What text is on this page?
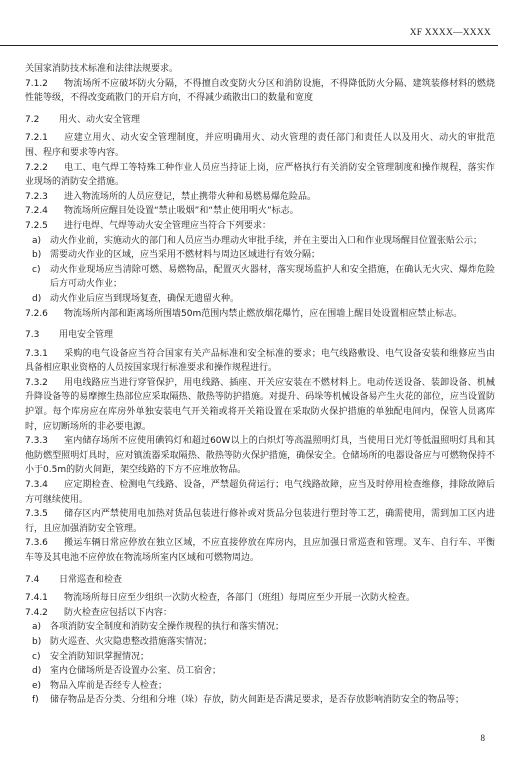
XF XXXX—XXXX

关国家消防技术标准和法律法规要求。

7.1.2 物流场所不应破坏防火分隔，不得擅自改变防火分区和消防设施，不得降低防火分隔、建筑装修材料的燃烧性能等级，不得改变疏散门的开启方向，不得减少疏散出口的数量和宽度

7.2 用火、动火安全管理

7.2.1 应建立用火、动火安全管理制度，并应明确用火、动火管理的责任部门和责任人以及用火、动火的审批范围、程序和要求等内容。

7.2.2 电工、电气焊工等特殊工种作业人员应当持证上岗，应严格执行有关消防安全管理制度和操作规程，落实作业现场的消防安全措施。

7.2.3 进入物流场所的人员应登记，禁止携带火种和易燃易爆危险品。

7.2.4 物流场所应醒目处设置“禁止吸烟”和“禁止使用明火”标志。

7.2.5 进行电焊、气焊等动火安全管理应当符合下列要求：

a) 动火作业前，实施动火的部门和人员应当办理动火审批手续，并在主要出入口和作业现场醒目位置张贴公示；

b) 需要动火作业的区域，应当采用不燃材料与周边区域进行有效分隔；

c) 动火作业现场应当清除可燃、易燃物品，配置灭火器材，落实现场监护人和安全措施，在确认无火灾、爆炸危险后方可动火作业；

d) 动火作业后应当到现场复查，确保无遗留火种。

7.2.6 物流场所内部和距离场所围墙50m范围内禁止燃放烟花爆竹，应在围墙上醒目处设置相应禁止标志。

7.3 用电安全管理

7.3.1 采购的电气设备应当符合国家有关产品标准和安全标准的要求；电气线路敷设、电气设备安装和维修应当由具备相应职业资格的人员按国家现行标准要求和操作规程进行。

7.3.2 用电线路应当进行穿管保护，用电线路、插座、开关应安装在不燃材料上。电动传送设备、装卸设备、机械升降设备等的易摩擦生热部位应采取隔热、散热等防护措施。对提升、码垛等机械设备易产生火花的部位，应当设置防护罩。每个库房应在库房外单独安装电气开关箱或将开关箱设置在采取防火保护措施的单独配电间内，保管人员离库时，应切断场所的非必要电源。

7.3.3 室内储存场所不应使用碘钨灯和超过60W以上的白炽灯等高温照明灯具，当使用日光灯等低温照明灯具和其他防燃型照明灯具时，应对镇流器采取隔热、散热等防火保护措施，确保安全。仓储场所的电器设备应与可燃物保持不小于0.5m的防火间距，架空线路的下方不应堆放物品。

7.3.4 应定期检查、检测电气线路、设备，严禁超负荷运行；电气线路故障，应当及时停用检查维修，排除故障后方可继续使用。

7.3.5 储存区内严禁使用电加热对货品包装进行修补或对货品分包装进行塑封等工艺，确需使用，需到加工区内进行，且应加强消防安全管理。

7.3.6 搬运车辆日常应停放在独立区域，不应直接停放在库房内，且应加强日常巡查和管理。叉车、自行车、平衡车等及其电池不应停放在物流场所室内区域和可燃物周边。

7.4 日常巡查和检查

7.4.1 物流场所每日应至少组织一次防火检查，各部门（班组）每周应至少开展一次防火检查。

7.4.2 防火检查应包括以下内容：

a) 各项消防安全制度和消防安全操作规程的执行和落实情况；

b) 防火巡查、火灾隐患整改措施落实情况；

c) 安全消防知识掌握情况；

d) 室内仓储场所是否设置办公室、员工宿舍；

e) 物品入库前是否经专人检查；

f) 储存物品是否分类、分组和分堆（垛）存放，防火间距是否满足要求，是否存放影响消防安全的物品等；

8
